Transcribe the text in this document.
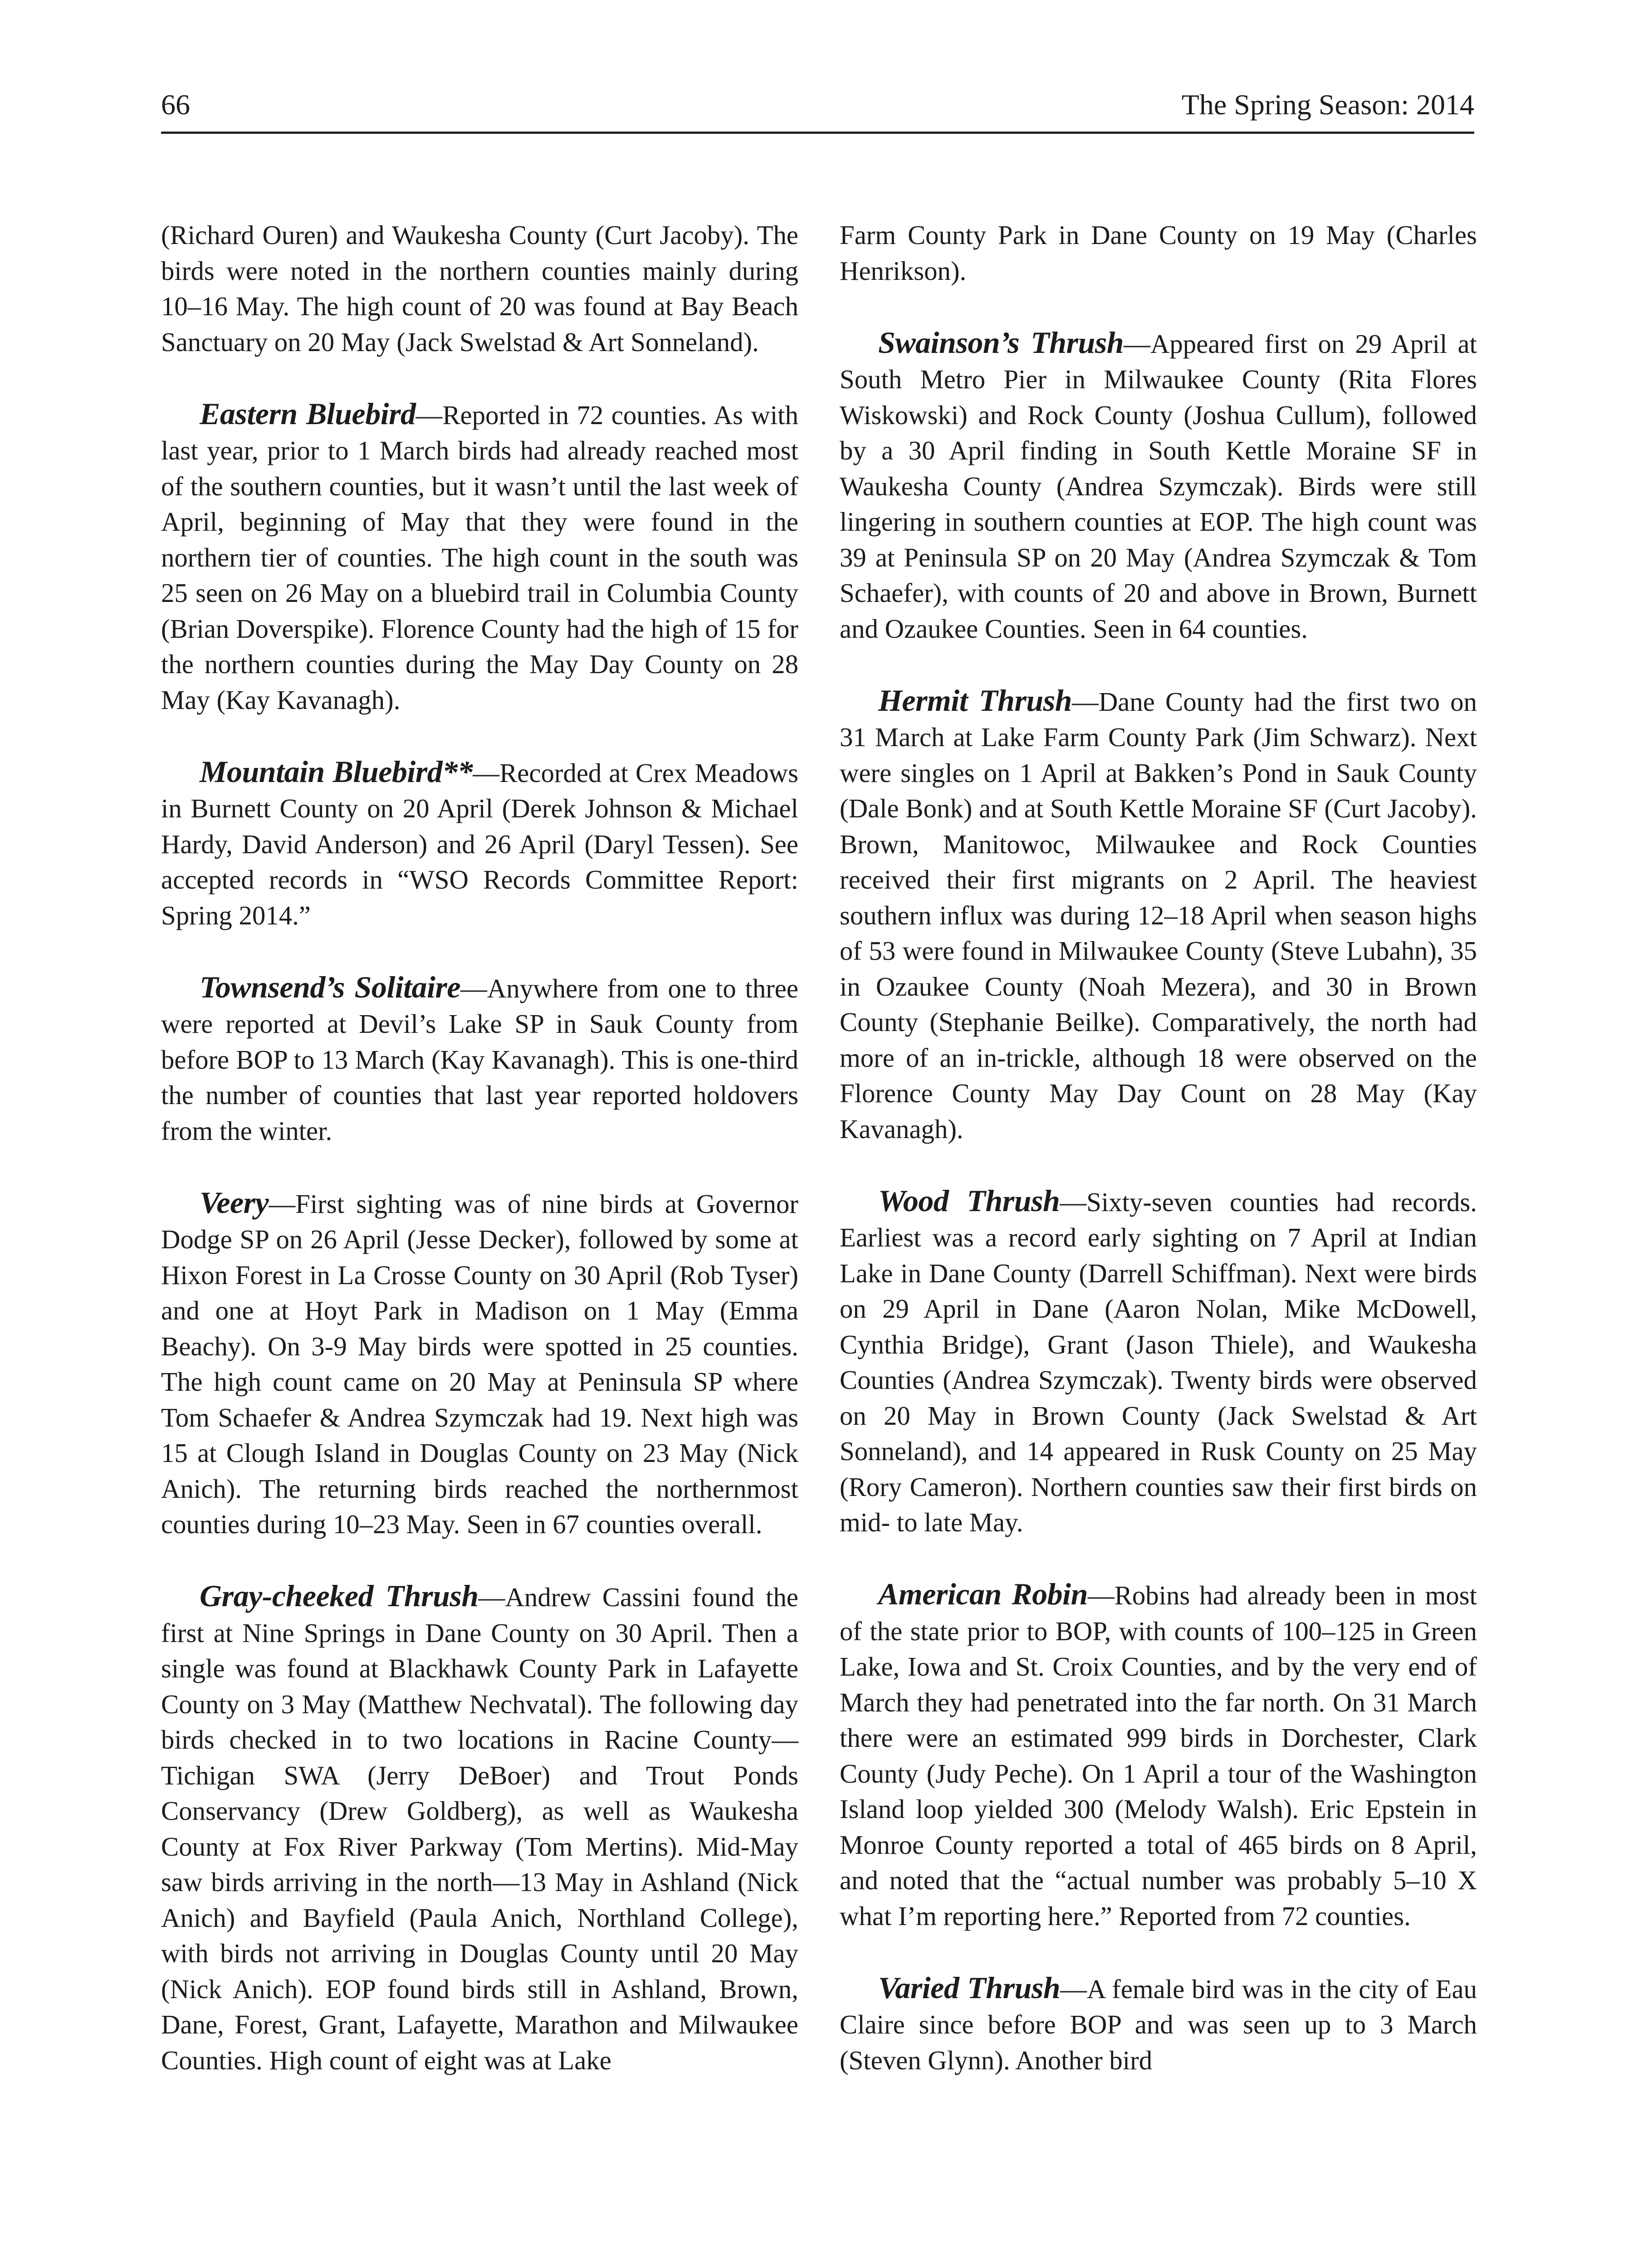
66	The Spring Season: 2014

(Richard Ouren) and Waukesha County (Curt Jacoby). The birds were noted in the northern counties mainly during 10–16 May. The high count of 20 was found at Bay Beach Sanctuary on 20 May (Jack Swelstad & Art Sonneland).

Eastern Bluebird—Reported in 72 counties. As with last year, prior to 1 March birds had already reached most of the southern counties, but it wasn’t until the last week of April, beginning of May that they were found in the northern tier of counties. The high count in the south was 25 seen on 26 May on a bluebird trail in Columbia County (Brian Doverspike). Florence County had the high of 15 for the northern counties during the May Day County on 28 May (Kay Kavanagh).

Mountain Bluebird**—Recorded at Crex Meadows in Burnett County on 20 April (Derek Johnson & Michael Hardy, David Anderson) and 26 April (Daryl Tessen). See accepted records in “WSO Records Committee Report: Spring 2014.”

Townsend’s Solitaire—Anywhere from one to three were reported at Devil’s Lake SP in Sauk County from before BOP to 13 March (Kay Kavanagh). This is one-third the number of counties that last year reported holdovers from the winter.

Veery—First sighting was of nine birds at Governor Dodge SP on 26 April (Jesse Decker), followed by some at Hixon Forest in La Crosse County on 30 April (Rob Tyser) and one at Hoyt Park in Madison on 1 May (Emma Beachy). On 3-9 May birds were spotted in 25 counties. The high count came on 20 May at Peninsula SP where Tom Schaefer & Andrea Szymczak had 19. Next high was 15 at Clough Island in Douglas County on 23 May (Nick Anich). The returning birds reached the northernmost counties during 10–23 May. Seen in 67 counties overall.

Gray-cheeked Thrush—Andrew Cassini found the first at Nine Springs in Dane County on 30 April. Then a single was found at Blackhawk County Park in Lafayette County on 3 May (Matthew Nechvatal). The following day birds checked in to two locations in Racine County—Tichigan SWA (Jerry DeBoer) and Trout Ponds Conservancy (Drew Goldberg), as well as Waukesha County at Fox River Parkway (Tom Mertins). Mid-May saw birds arriving in the north—13 May in Ashland (Nick Anich) and Bayfield (Paula Anich, Northland College), with birds not arriving in Douglas County until 20 May (Nick Anich). EOP found birds still in Ashland, Brown, Dane, Forest, Grant, Lafayette, Marathon and Milwaukee Counties. High count of eight was at Lake

Farm County Park in Dane County on 19 May (Charles Henrikson).

Swainson’s Thrush—Appeared first on 29 April at South Metro Pier in Milwaukee County (Rita Flores Wiskowski) and Rock County (Joshua Cullum), followed by a 30 April finding in South Kettle Moraine SF in Waukesha County (Andrea Szymczak). Birds were still lingering in southern counties at EOP. The high count was 39 at Peninsula SP on 20 May (Andrea Szymczak & Tom Schaefer), with counts of 20 and above in Brown, Burnett and Ozaukee Counties. Seen in 64 counties.

Hermit Thrush—Dane County had the first two on 31 March at Lake Farm County Park (Jim Schwarz). Next were singles on 1 April at Bakken’s Pond in Sauk County (Dale Bonk) and at South Kettle Moraine SF (Curt Jacoby). Brown, Manitowoc, Milwaukee and Rock Counties received their first migrants on 2 April. The heaviest southern influx was during 12–18 April when season highs of 53 were found in Milwaukee County (Steve Lubahn), 35 in Ozaukee County (Noah Mezera), and 30 in Brown County (Stephanie Beilke). Comparatively, the north had more of an in-trickle, although 18 were observed on the Florence County May Day Count on 28 May (Kay Kavanagh).

Wood Thrush—Sixty-seven counties had records. Earliest was a record early sighting on 7 April at Indian Lake in Dane County (Darrell Schiffman). Next were birds on 29 April in Dane (Aaron Nolan, Mike McDowell, Cynthia Bridge), Grant (Jason Thiele), and Waukesha Counties (Andrea Szymczak). Twenty birds were observed on 20 May in Brown County (Jack Swelstad & Art Sonneland), and 14 appeared in Rusk County on 25 May (Rory Cameron). Northern counties saw their first birds on mid- to late May.

American Robin—Robins had already been in most of the state prior to BOP, with counts of 100–125 in Green Lake, Iowa and St. Croix Counties, and by the very end of March they had penetrated into the far north. On 31 March there were an estimated 999 birds in Dorchester, Clark County (Judy Peche). On 1 April a tour of the Washington Island loop yielded 300 (Melody Walsh). Eric Epstein in Monroe County reported a total of 465 birds on 8 April, and noted that the “actual number was probably 5–10 X what I’m reporting here.” Reported from 72 counties.

Varied Thrush—A female bird was in the city of Eau Claire since before BOP and was seen up to 3 March (Steven Glynn). Another bird
